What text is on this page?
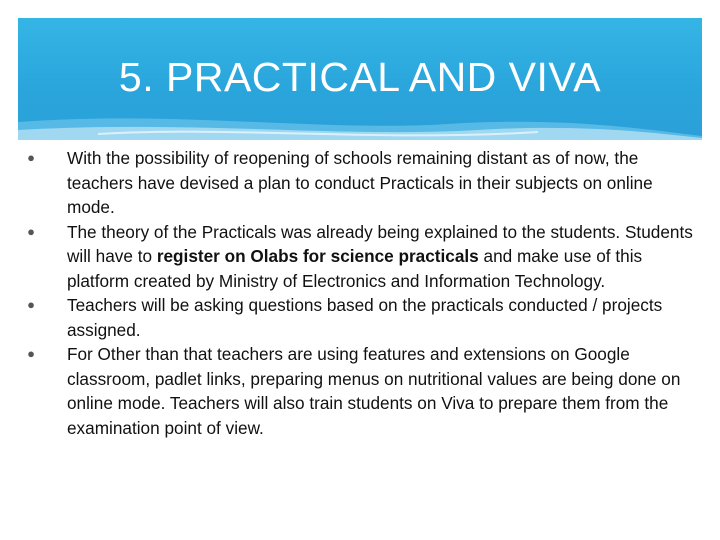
5. PRACTICAL AND VIVA
● With the possibility of reopening of schools remaining distant as of now, the teachers have devised a plan to conduct Practicals in their subjects on online mode.
● The theory of the Practicals was already being explained to the students. Students will have to register on Olabs for science practicals and make use of this platform created by Ministry of Electronics and Information Technology.
● Teachers will be asking questions based on the practicals conducted / projects assigned.
● For Other than that teachers are using features and extensions on Google classroom, padlet links, preparing menus on nutritional values are being done on online mode. Teachers will also train students on Viva to prepare them from the examination point of view.
